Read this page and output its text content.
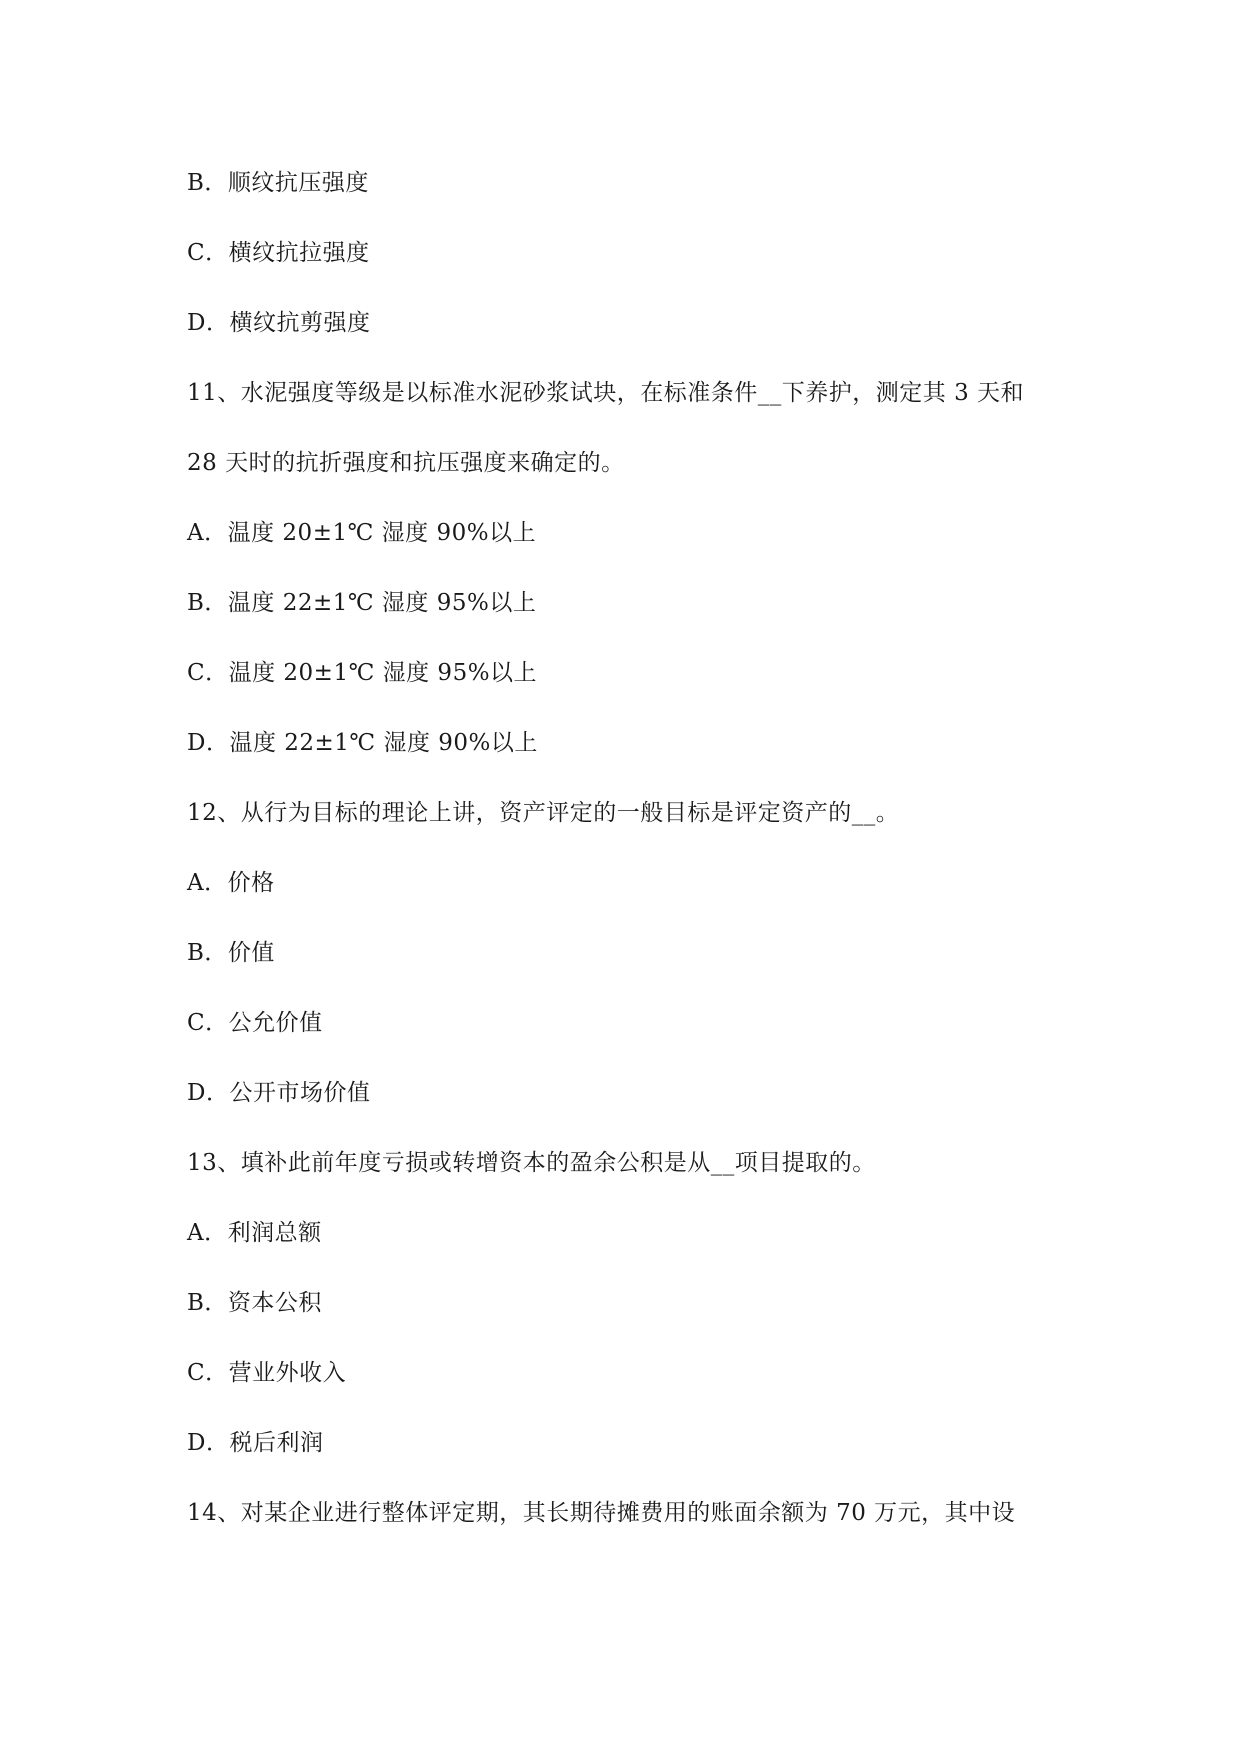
B．顺纹抗压强度
C．横纹抗拉强度
D．横纹抗剪强度
11、水泥强度等级是以标准水泥砂浆试块，在标准条件__下养护，测定其 3 天和
28 天时的抗折强度和抗压强度来确定的。
A．温度 20±1℃ 湿度 90%以上
B．温度 22±1℃ 湿度 95%以上
C．温度 20±1℃ 湿度 95%以上
D．温度 22±1℃ 湿度 90%以上
12、从行为目标的理论上讲，资产评定的一般目标是评定资产的__。
A．价格
B．价值
C．公允价值
D．公开市场价值
13、填补此前年度亏损或转增资本的盈余公积是从__项目提取的。
A．利润总额
B．资本公积
C．营业外收入
D．税后利润
14、对某企业进行整体评定期，其长期待摊费用的账面余额为 70 万元，其中设
